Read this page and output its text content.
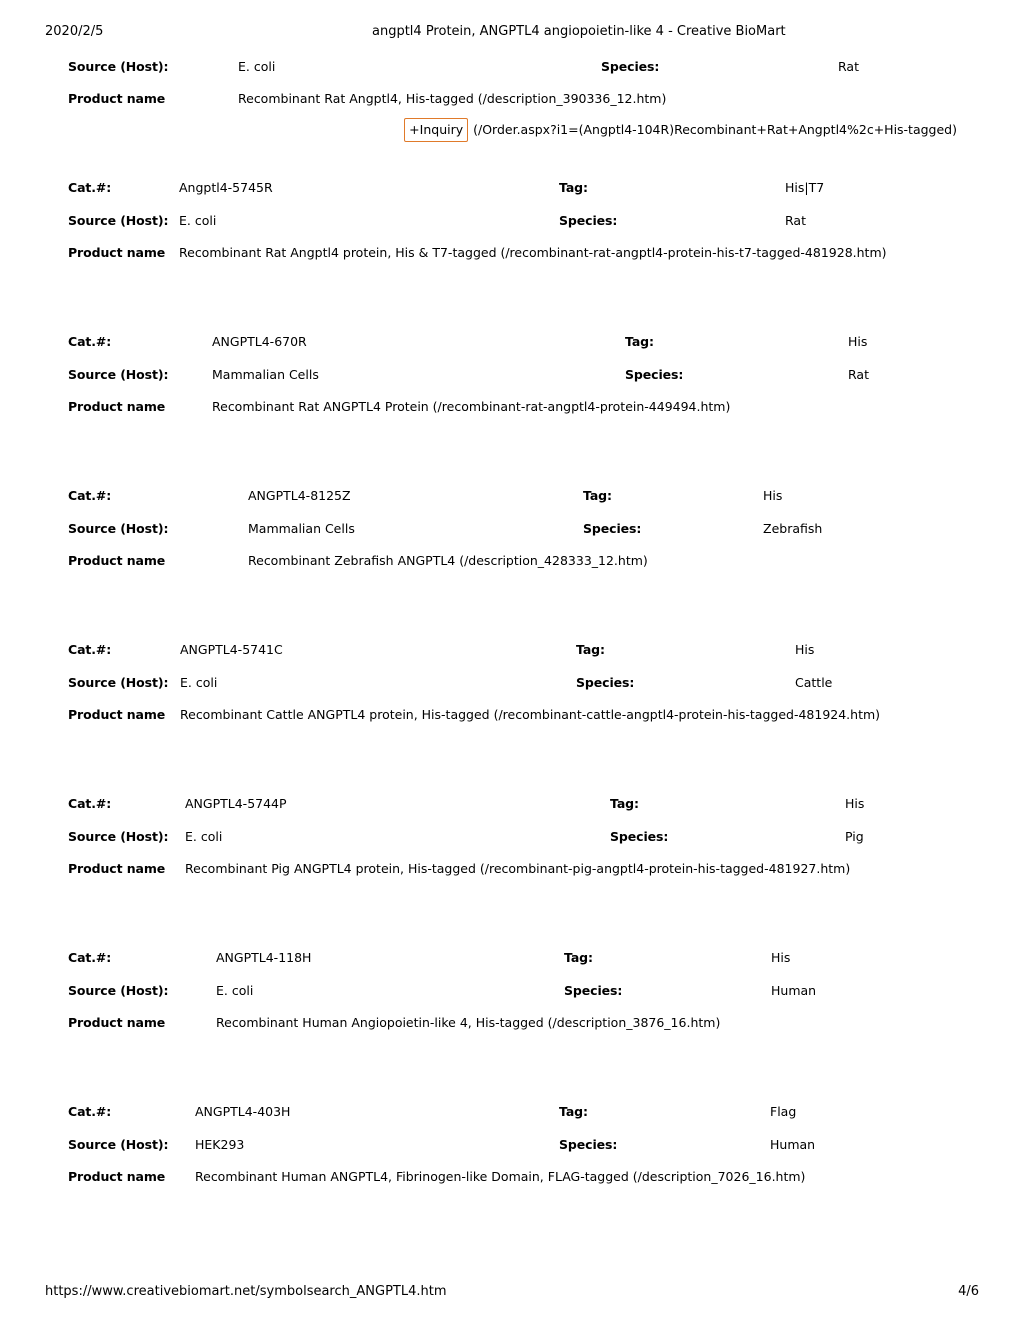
2020/2/5	angptl4 Protein, ANGPTL4 angiopoietin-like 4 - Creative BioMart
https://www.creativebiomart.net/symbolsearch_ANGPTL4.htm	4/6
Source (Host):	E. coli	Species:	Rat
Product name	Recombinant Rat Angptl4, His-tagged (/description_390336_12.htm)
+Inquiry (/Order.aspx?i1=(Angptl4-104R)Recombinant+Rat+Angptl4%2c+His-tagged)
Cat.#:	Angptl4-5745R	Tag:	His|T7
Source (Host): E. coli	Species:	Rat
Product name Recombinant Rat Angptl4 protein, His & T7-tagged (/recombinant-rat-angptl4-protein-his-t7-tagged-481928.htm)
Cat.#:	ANGPTL4-670R	Tag:	His
Source (Host):	Mammalian Cells	Species:	Rat
Product name	Recombinant Rat ANGPTL4 Protein (/recombinant-rat-angptl4-protein-449494.htm)
Cat.#:	ANGPTL4-8125Z	Tag:	His
Source (Host):	Mammalian Cells	Species:	Zebrafish
Product name	Recombinant Zebrafish ANGPTL4 (/description_428333_12.htm)
Cat.#:	ANGPTL4-5741C	Tag:	His
Source (Host): E. coli	Species:	Cattle
Product name Recombinant Cattle ANGPTL4 protein, His-tagged (/recombinant-cattle-angptl4-protein-his-tagged-481924.htm)
Cat.#:	ANGPTL4-5744P	Tag:	His
Source (Host): E. coli	Species:	Pig
Product name Recombinant Pig ANGPTL4 protein, His-tagged (/recombinant-pig-angptl4-protein-his-tagged-481927.htm)
Cat.#:	ANGPTL4-118H	Tag:	His
Source (Host):	E. coli	Species:	Human
Product name	Recombinant Human Angiopoietin-like 4, His-tagged (/description_3876_16.htm)
Cat.#:	ANGPTL4-403H	Tag:	Flag
Source (Host): HEK293	Species:	Human
Product name Recombinant Human ANGPTL4, Fibrinogen-like Domain, FLAG-tagged (/description_7026_16.htm)
